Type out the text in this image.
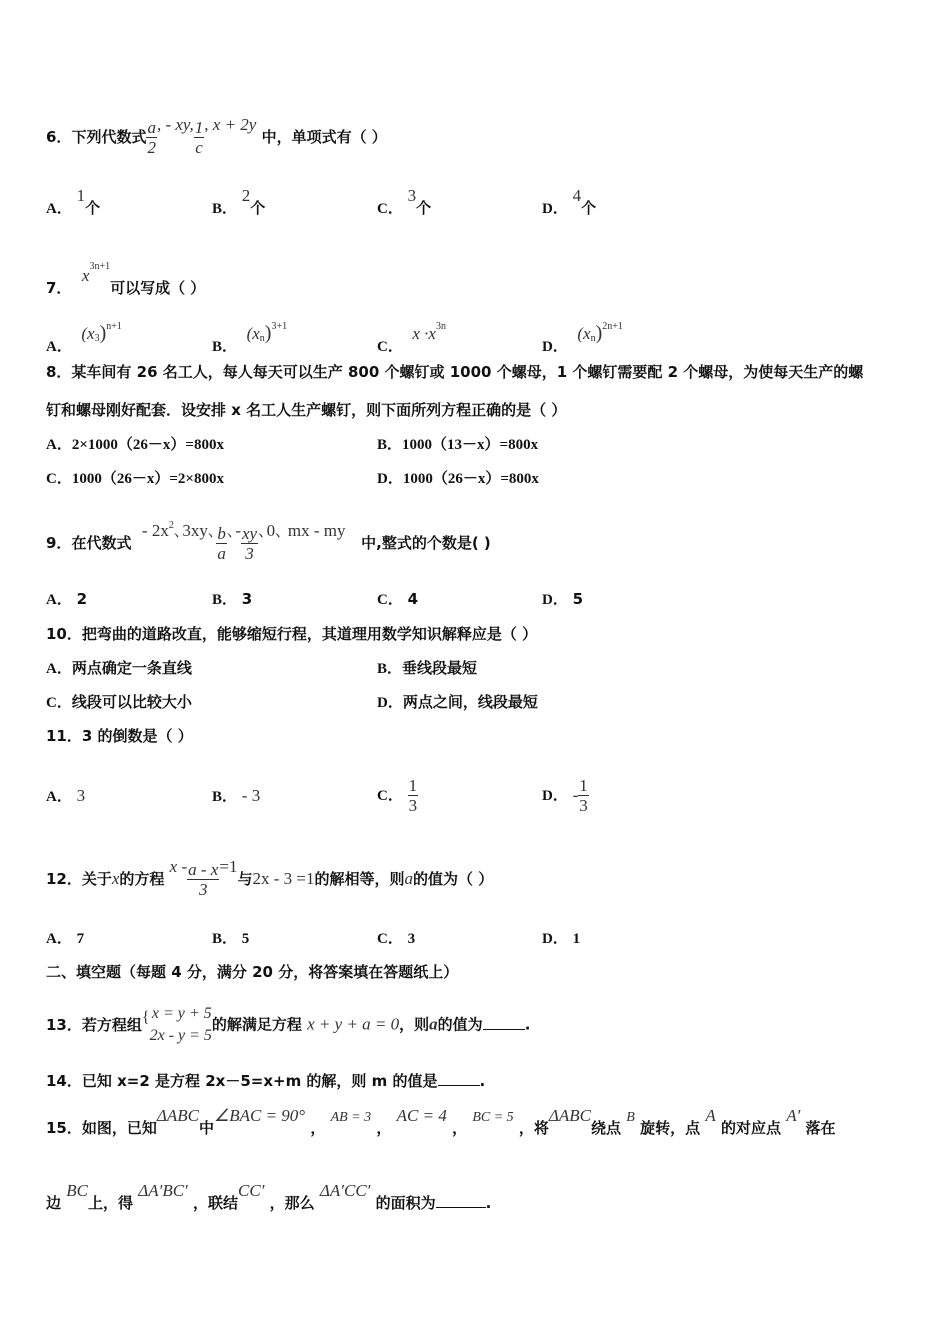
6．下列代数式 $\frac{a}{2}$ , - xy, $\frac{1}{c}$ , x + 2y 中，单项式有（ ）
7．  $x^{3n+1}$可以写成（ ）
8．某车间有 26 名工人，每人每天可以生产 800 个螺钉或 1000 个螺母，1 个螺钉需要配 2 个螺母，为使每天生产的螺
钉和螺母刚好配套．设安排 x 名工人生产螺钉，则下面所列方程正确的是（ ）
9．在代数式  - $2x^2$､3xy､ $\frac{b}{a}$ ､- $\frac{xy}{3}$ ､0､ mx - my   中,整式的个数是( )
10．把弯曲的道路改直，能够缩短行程，其道理用数学知识解释应是（ ）
11．3 的倒数是（ ）
12．关于x的方程 $x - \frac{a - x}{3} =1$与2x - 3 =1的解相等，则a的值为（ ）
二、填空题（每题 4 分，满分 20 分，将答案填在答题纸上）
13．若方程组
x = y + 5
{2x - y = 5
的解满足方程 x + y + a = 0，则a的值为	.
14．已知 x=2 是方程 2x－5=x+m 的解，则 m 的值是	.
15．如图，已知ΔABC中∠BAC = 90° ， AB = 3 ， AC = 4 ， BC = 5 ，将ΔABC绕点 B 旋转，点 A 的对应点 A′ 落在
边 BC上，得 ΔA′BC′ ，联结CC′ ，那么 ΔA′CC′ 的面积为	.
A． 1个
A．  $(x^3)^{n+1}$
A． 2
A． 3
A． 7
B． 2个
B．  $(x^n)^{3+1}$
B． 3
B． - 3
B． 5
C． 3个
C．  $x \cdot x^{3n}$
C． 4
C． $\frac{1}{3}$
C． 3
D． 4个
D．  $(x^n)^{2n+1}$
D． 5
D． - $\frac{1}{3}$
D． 1
A．2×1000（26－x）=800x
A．两点确定一条直线
B．1000（13－x）=800x
B．垂线段最短
C．1000（26－x）=2×800x
C．线段可以比较大小
D．1000（26－x）=800x
D．两点之间，线段最短
